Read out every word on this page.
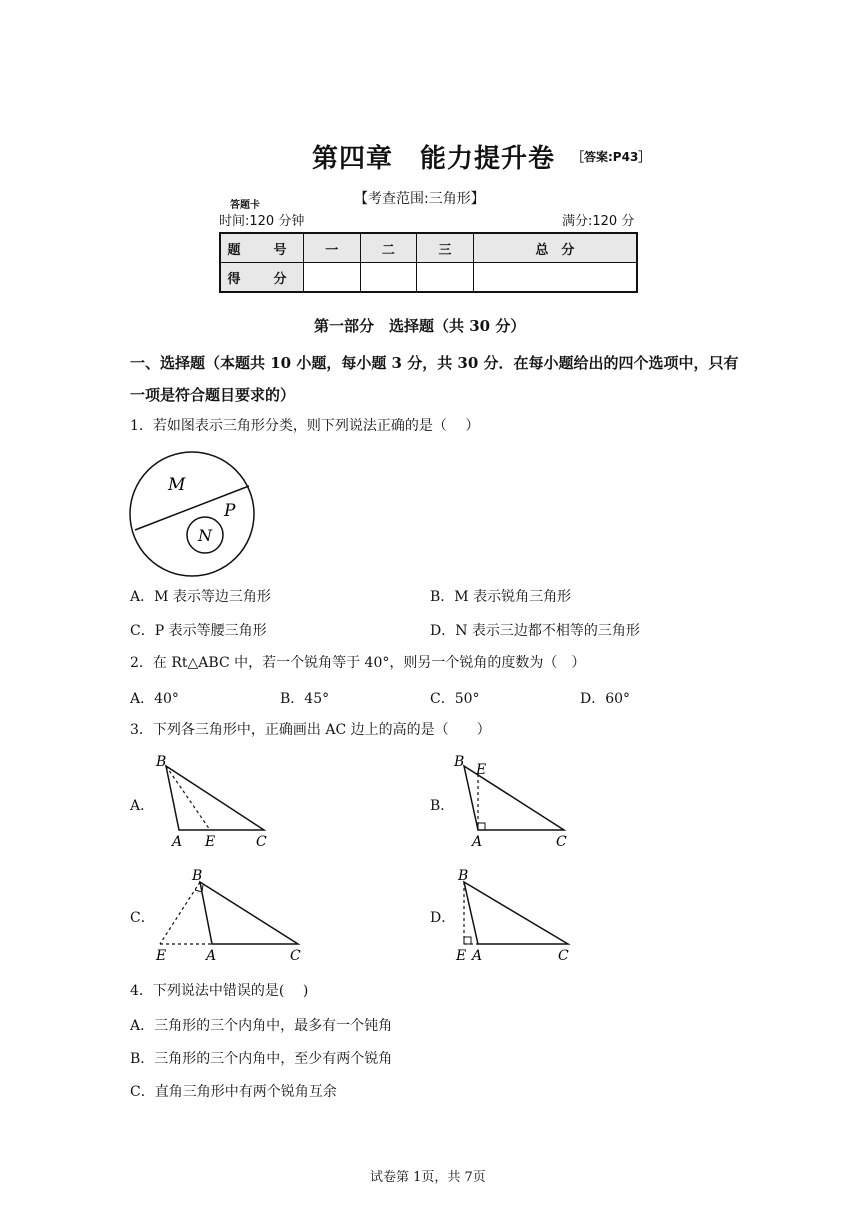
第四章　能力提升卷 ［答案:P43］
【考查范围:三角形】
答题卡
时间:120 分钟	满分:120 分
题　号	一	二	三	总　分
得　分				
第一部分　选择题（共 30 分）
一、选择题（本题共 10 小题，每小题 3 分，共 30 分．在每小题给出的四个选项中，只有一项是符合题目要求的）
1．若如图表示三角形分类，则下列说法正确的是（　 ）
M
P
N
A．M 表示等边三角形	B．M 表示锐角三角形
C．P 表示等腰三角形	D．N 表示三边都不相等的三角形
2．在 Rt△ABC 中，若一个锐角等于 40°，则另一个锐角的度数为（　）
A．40°	B．45°	C．50°	D．60°
3．下列各三角形中，正确画出 AC 边上的高的是（　　）
A．
B
A E	C
B．
B E
A	C
C．
B
E	A	C
D．
B
E A	C
4．下列说法中错误的是(　 )
A．三角形的三个内角中，最多有一个钝角
B．三角形的三个内角中，至少有两个锐角
C．直角三角形中有两个锐角互余
试卷第 1页，共 7页
